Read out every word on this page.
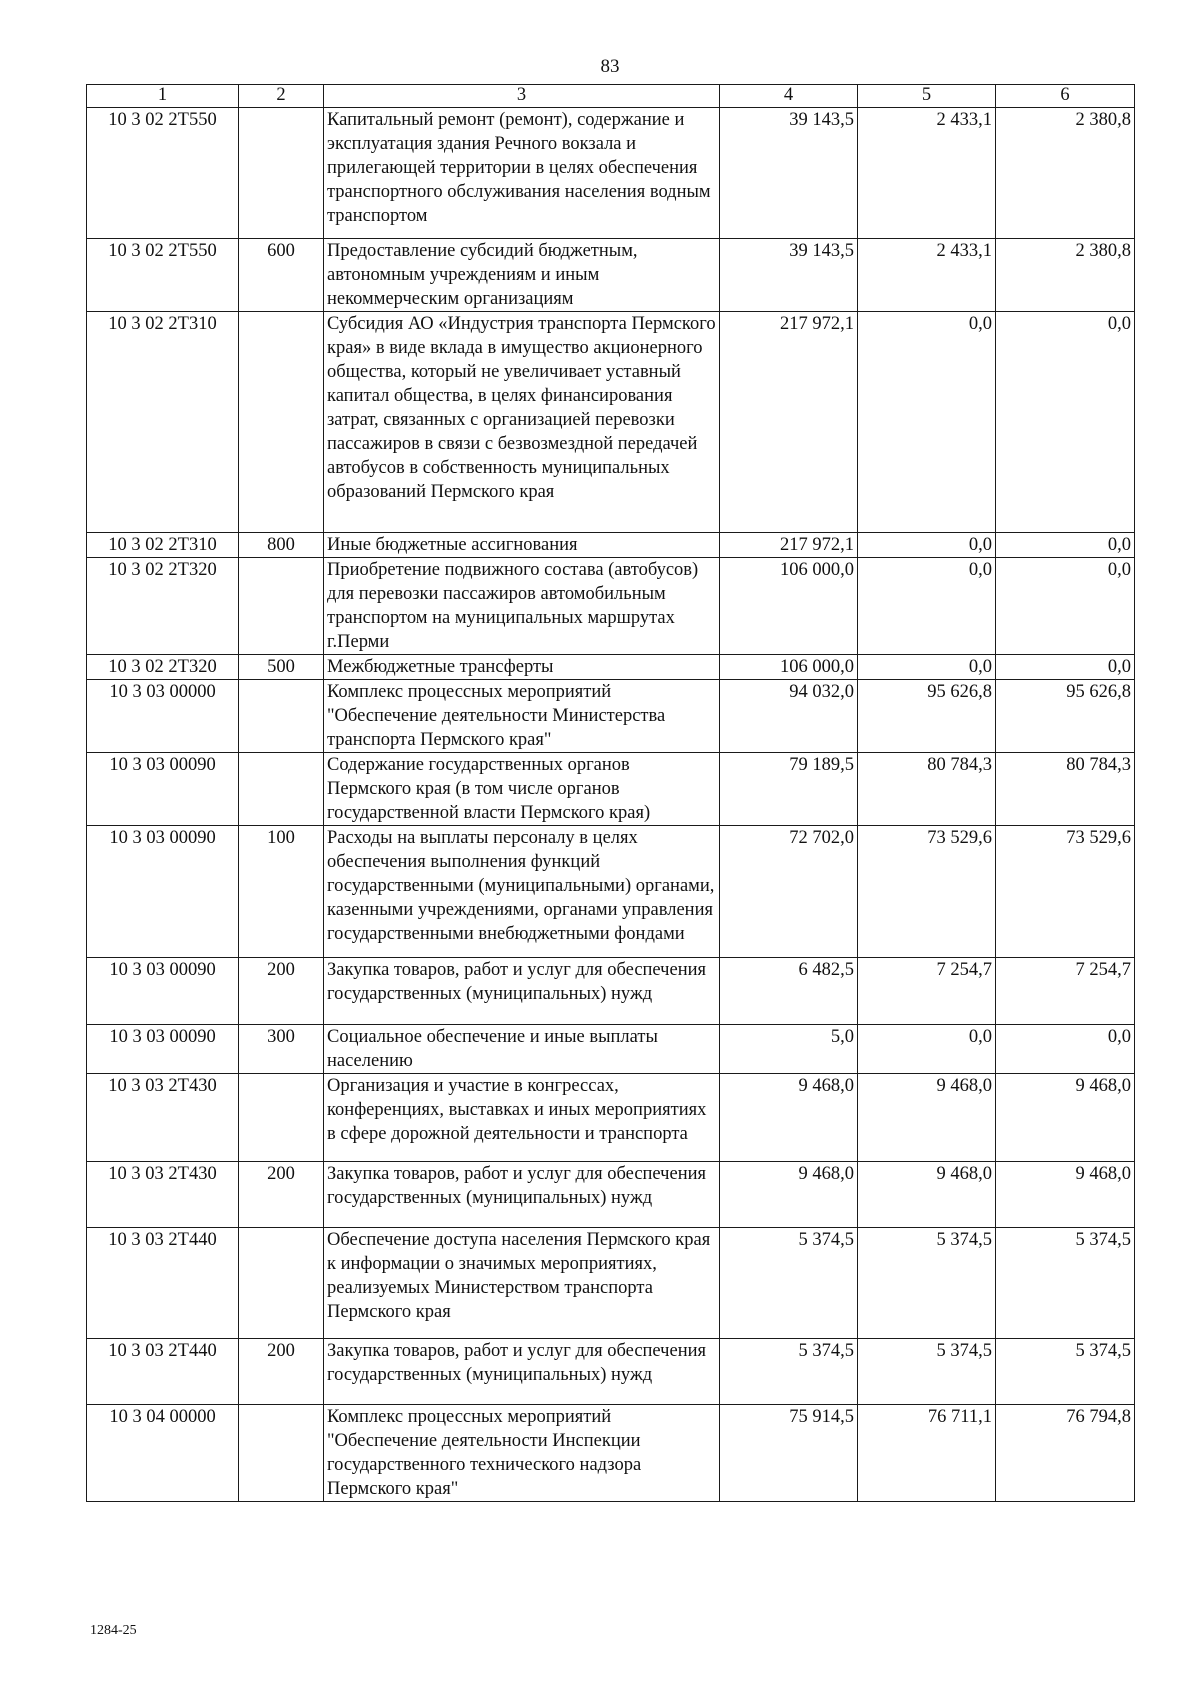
83
1	2	3	4	5	6
10 3 02 2Т550		Капитальный ремонт (ремонт), содержание и эксплуатация здания Речного вокзала и прилегающей территории в целях обеспечения транспортного обслуживания населения водным транспортом	39 143,5	2 433,1	2 380,8
10 3 02 2Т550	600	Предоставление субсидий бюджетным, автономным учреждениям и иным некоммерческим организациям	39 143,5	2 433,1	2 380,8
10 3 02 2Т310		Субсидия АО «Индустрия транспорта Пермского края» в виде вклада в имущество акционерного общества, который не увеличивает уставный капитал общества, в целях финансирования затрат, связанных с организацией перевозки пассажиров в связи с безвозмездной передачей автобусов в собственность муниципальных образований Пермского края	217 972,1	0,0	0,0
10 3 02 2Т310	800	Иные бюджетные ассигнования	217 972,1	0,0	0,0
10 3 02 2Т320		Приобретение подвижного состава (автобусов) для перевозки пассажиров автомобильным транспортом на муниципальных маршрутах г.Перми	106 000,0	0,0	0,0
10 3 02 2Т320	500	Межбюджетные трансферты	106 000,0	0,0	0,0
10 3 03 00000		Комплекс процессных мероприятий "Обеспечение деятельности Министерства транспорта Пермского края"	94 032,0	95 626,8	95 626,8
10 3 03 00090		Содержание государственных органов Пермского края (в том числе органов государственной власти Пермского края)	79 189,5	80 784,3	80 784,3
10 3 03 00090	100	Расходы на выплаты персоналу в целях обеспечения выполнения функций государственными (муниципальными) органами, казенными учреждениями, органами управления государственными внебюджетными фондами	72 702,0	73 529,6	73 529,6
10 3 03 00090	200	Закупка товаров, работ и услуг для обеспечения государственных (муниципальных) нужд	6 482,5	7 254,7	7 254,7
10 3 03 00090	300	Социальное обеспечение и иные выплаты населению	5,0	0,0	0,0
10 3 03 2Т430		Организация и участие в конгрессах, конференциях, выставках и иных мероприятиях в сфере дорожной деятельности и транспорта	9 468,0	9 468,0	9 468,0
10 3 03 2Т430	200	Закупка товаров, работ и услуг для обеспечения государственных (муниципальных) нужд	9 468,0	9 468,0	9 468,0
10 3 03 2Т440		Обеспечение доступа населения Пермского края к информации о значимых мероприятиях, реализуемых Министерством транспорта Пермского края	5 374,5	5 374,5	5 374,5
10 3 03 2Т440	200	Закупка товаров, работ и услуг для обеспечения государственных (муниципальных) нужд	5 374,5	5 374,5	5 374,5
10 3 04 00000		Комплекс процессных мероприятий "Обеспечение деятельности Инспекции государственного технического надзора Пермского края"	75 914,5	76 711,1	76 794,8
1284-25
